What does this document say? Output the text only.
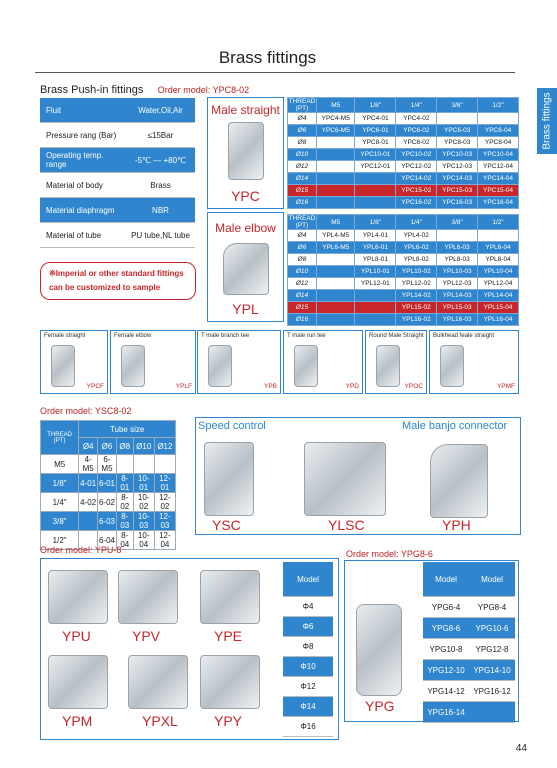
Brass fittings
Brass fittings
Brass Push-in fittings Order model: YPC8-02
Fluit	Water,Oil,Air
Pressure rang (Bar)	≤15Bar
Operating temp. range	-5℃ — +80℃
Material of body	Brass
Material diaphragm	NBR
Material of tube	PU tube,NL tube
※Imperial or other standard fittings can be customized to sample
Male straight
YPC
THREAD (PT)	M5	1/8"	1/4"	3/8"	1/2"
Ø4	YPC4-M5	YPC4-01	YPC4-02		
Ø6	YPC6-M5	YPC6-01	YPC6-02	YPC6-03	YPC6-04
Ø8		YPC8-01	YPC8-02	YPC8-03	YPC8-04
Ø10		YPC10-01	YPC10-02	YPC10-03	YPC10-04
Ø12		YPC12-01	YPC12-02	YPC12-03	YPC12-04
Ø14			YPC14-02	YPC14-03	YPC14-04
Ø15			YPC15-02	YPC15-03	YPC15-04
Ø16			YPC16-02	YPC16-03	YPC16-04
Male elbow
YPL
THREAD (PT)	M5	1/8"	1/4"	3/8"	1/2"
Ø4	YPL4-M5	YPL4-01	YPL4-02		
Ø6	YPL6-M5	YPL6-01	YPL6-02	YPL6-03	YPL6-04
Ø8		YPL8-01	YPL8-02	YPL8-03	YPL8-04
Ø10		YPL10-01	YPL10-02	YPL10-03	YPL10-04
Ø12		YPL12-01	YPL12-02	YPL12-03	YPL12-04
Ø14			YPL14-02	YPL14-03	YPL14-04
Ø15			YPL15-02	YPL15-03	YPL15-04
Ø16			YPL16-02	YPL16-03	YPL16-04
Female straight
YPCF
Female elbow
YPLF
T male branch tee
YPB
T male run tee
YPD
Round Male Straight
YPOC
Bulkhead feale straight
YPMF
Order model: YSC8-02
THREAD (PT)	Tube size				
	Ø4	Ø6	Ø8	Ø10	Ø12
M5	4-M5	6-M5			
1/8"	4-01	6-01	8-01	10-01	12-01
1/4"	4-02	6-02	8-02	10-02	12-02
3/8"		6-03	8-03	10-03	12-03
1/2"		6-04	8-04	10-04	12-04
Speed control	Male banjo connector
YSC	YLSC	YPH
Order model: YPU-8
YPU	YPV	YPE
YPM	YPXL	YPY
Model
Φ4
Φ6
Φ8
Φ10
Φ12
Φ14
Φ16
Order model: YPG8-6
YPG
Model	Model
YPG6-4	YPG8-4
YPG8-6	YPG10-6
YPG10-8	YPG12-8
YPG12-10	YPG14-10
YPG14-12	YPG16-12
YPG16-14	
44
